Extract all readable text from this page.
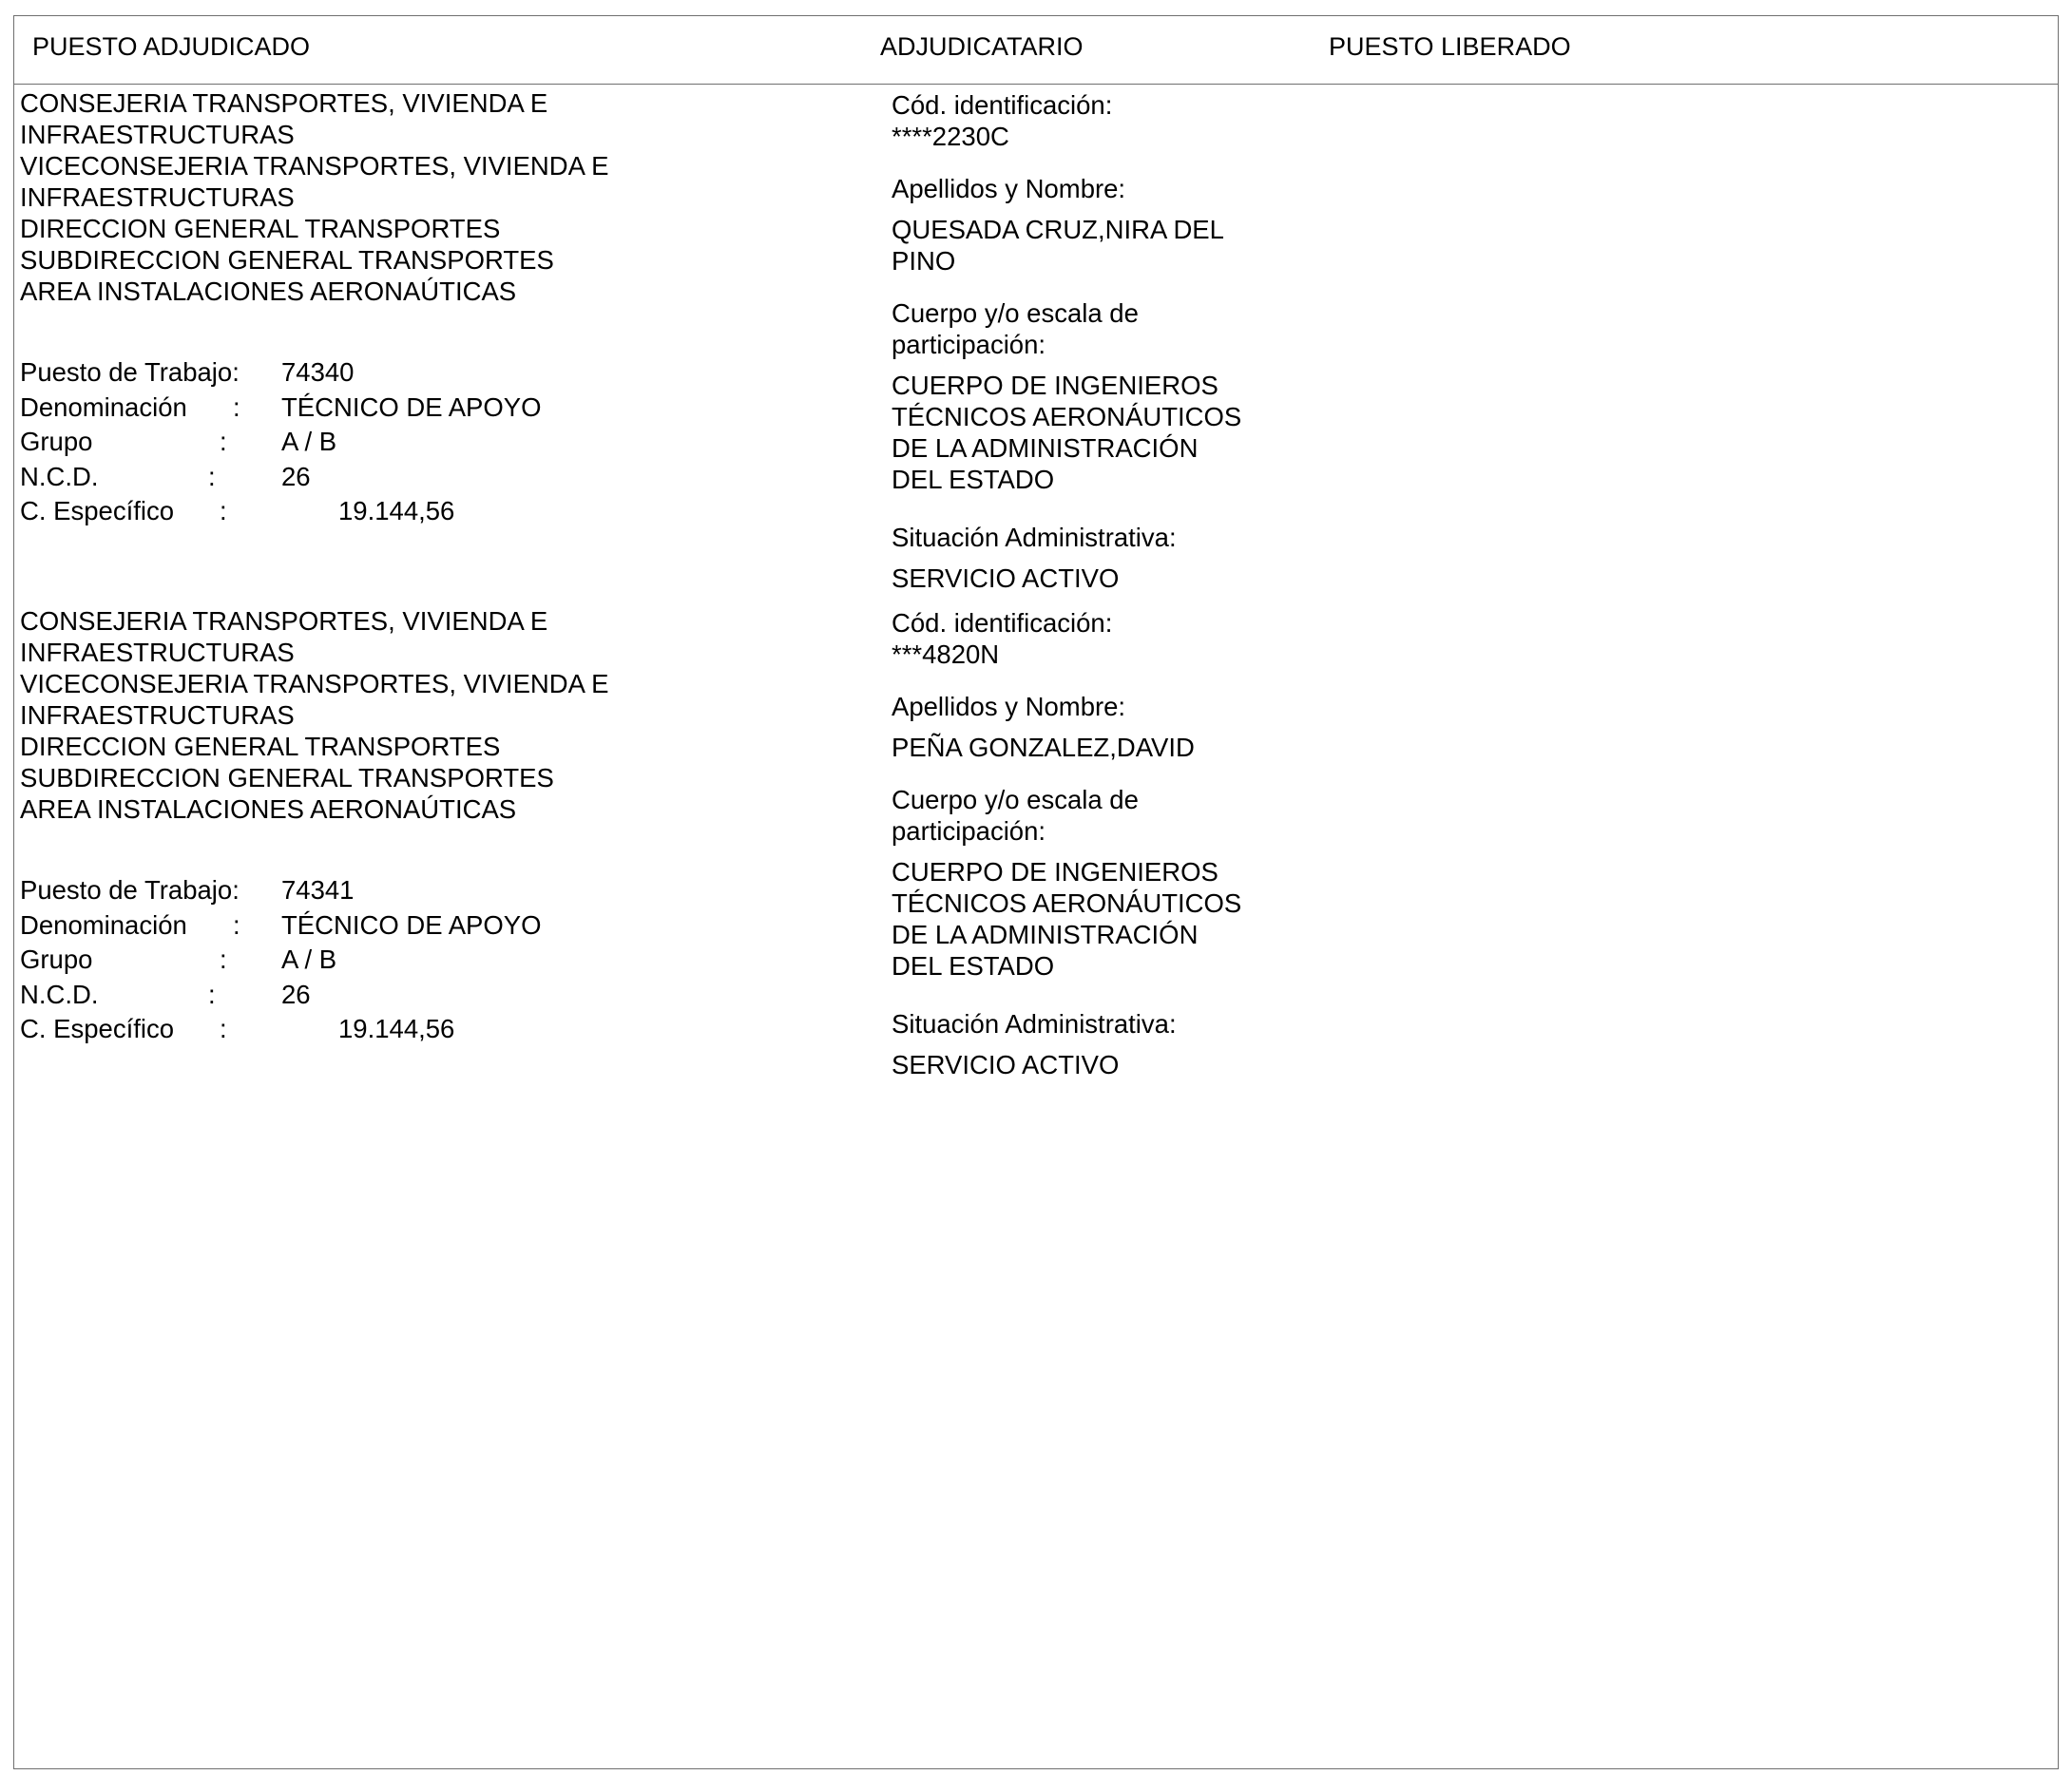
PUESTO ADJUDICADO	ADJUDICATARIO	PUESTO LIBERADO
CONSEJERIA TRANSPORTES, VIVIENDA E
INFRAESTRUCTURAS
VICECONSEJERIA TRANSPORTES, VIVIENDA E
INFRAESTRUCTURAS
DIRECCION GENERAL TRANSPORTES
SUBDIRECCION GENERAL TRANSPORTES
AREA INSTALACIONES AERONAÚTICAS
Puesto de Trabajo: 74340
Denominación : TÉCNICO DE APOYO
Grupo	: A / B
N.C.D.	:	26
C. Específico :	19.144,56
Cód. identificación:
****2230C
Apellidos y Nombre:
QUESADA CRUZ,NIRA DEL
PINO
Cuerpo y/o escala de
participación:
CUERPO DE INGENIEROS
TÉCNICOS AERONÁUTICOS
DE LA ADMINISTRACIÓN
DEL ESTADO
Situación Administrativa:
SERVICIO ACTIVO
CONSEJERIA TRANSPORTES, VIVIENDA E
INFRAESTRUCTURAS
VICECONSEJERIA TRANSPORTES, VIVIENDA E
INFRAESTRUCTURAS
DIRECCION GENERAL TRANSPORTES
SUBDIRECCION GENERAL TRANSPORTES
AREA INSTALACIONES AERONAÚTICAS
Puesto de Trabajo: 74341
Denominación : TÉCNICO DE APOYO
Grupo	: A / B
N.C.D.	:	26
C. Específico :	19.144,56
Cód. identificación:
***4820N
Apellidos y Nombre:
PEÑA GONZALEZ,DAVID
Cuerpo y/o escala de
participación:
CUERPO DE INGENIEROS
TÉCNICOS AERONÁUTICOS
DE LA ADMINISTRACIÓN
DEL ESTADO
Situación Administrativa:
SERVICIO ACTIVO
